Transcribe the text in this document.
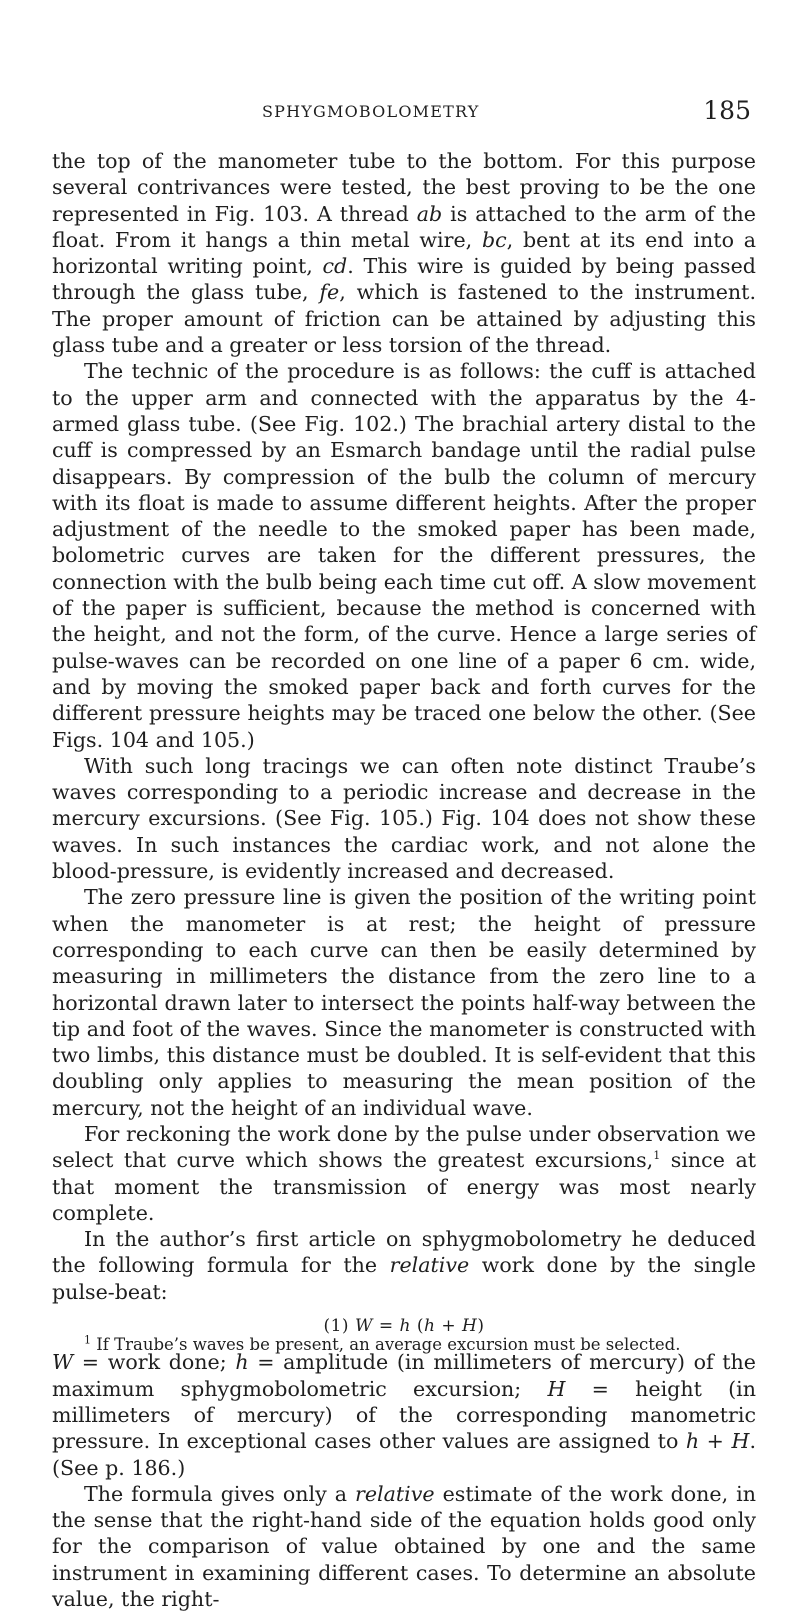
SPHYGMOBOLOMETRY	185

the top of the manometer tube to the bottom. For this purpose several contrivances were tested, the best proving to be the one represented in Fig. 103. A thread ab is attached to the arm of the float. From it hangs a thin metal wire, bc, bent at its end into a horizontal writing point, cd. This wire is guided by being passed through the glass tube, fe, which is fastened to the instrument. The proper amount of friction can be attained by adjusting this glass tube and a greater or less torsion of the thread.

The technic of the procedure is as follows: the cuff is attached to the upper arm and connected with the apparatus by the 4-armed glass tube. (See Fig. 102.) The brachial artery distal to the cuff is compressed by an Esmarch bandage until the radial pulse disappears. By compression of the bulb the column of mercury with its float is made to assume different heights. After the proper adjustment of the needle to the smoked paper has been made, bolometric curves are taken for the different pressures, the connection with the bulb being each time cut off. A slow movement of the paper is sufficient, because the method is concerned with the height, and not the form, of the curve. Hence a large series of pulse-waves can be recorded on one line of a paper 6 cm. wide, and by moving the smoked paper back and forth curves for the different pressure heights may be traced one below the other. (See Figs. 104 and 105.)

With such long tracings we can often note distinct Traube’s waves corresponding to a periodic increase and decrease in the mercury excursions. (See Fig. 105.) Fig. 104 does not show these waves. In such instances the cardiac work, and not alone the blood-pressure, is evidently increased and decreased.

The zero pressure line is given the position of the writing point when the manometer is at rest; the height of pressure corresponding to each curve can then be easily determined by measuring in millimeters the distance from the zero line to a horizontal drawn later to intersect the points half-way between the tip and foot of the waves. Since the manometer is constructed with two limbs, this distance must be doubled. It is self-evident that this doubling only applies to measuring the mean position of the mercury, not the height of an individual wave.

For reckoning the work done by the pulse under observation we select that curve which shows the greatest excursions,$^1$ since at that moment the transmission of energy was most nearly complete.

In the author’s first article on sphygmobolometry he deduced the following formula for the relative work done by the single pulse-beat:

(1) W = h (h + H)

W = work done; h = amplitude (in millimeters of mercury) of the maximum sphygmobolometric excursion; H = height (in millimeters of mercury) of the corresponding manometric pressure. In exceptional cases other values are assigned to h + H. (See p. 186.)

The formula gives only a relative estimate of the work done, in the sense that the right-hand side of the equation holds good only for the comparison of value obtained by one and the same instrument in examining different cases. To determine an absolute value, the right-

$^1$ If Traube’s waves be present, an average excursion must be selected.
